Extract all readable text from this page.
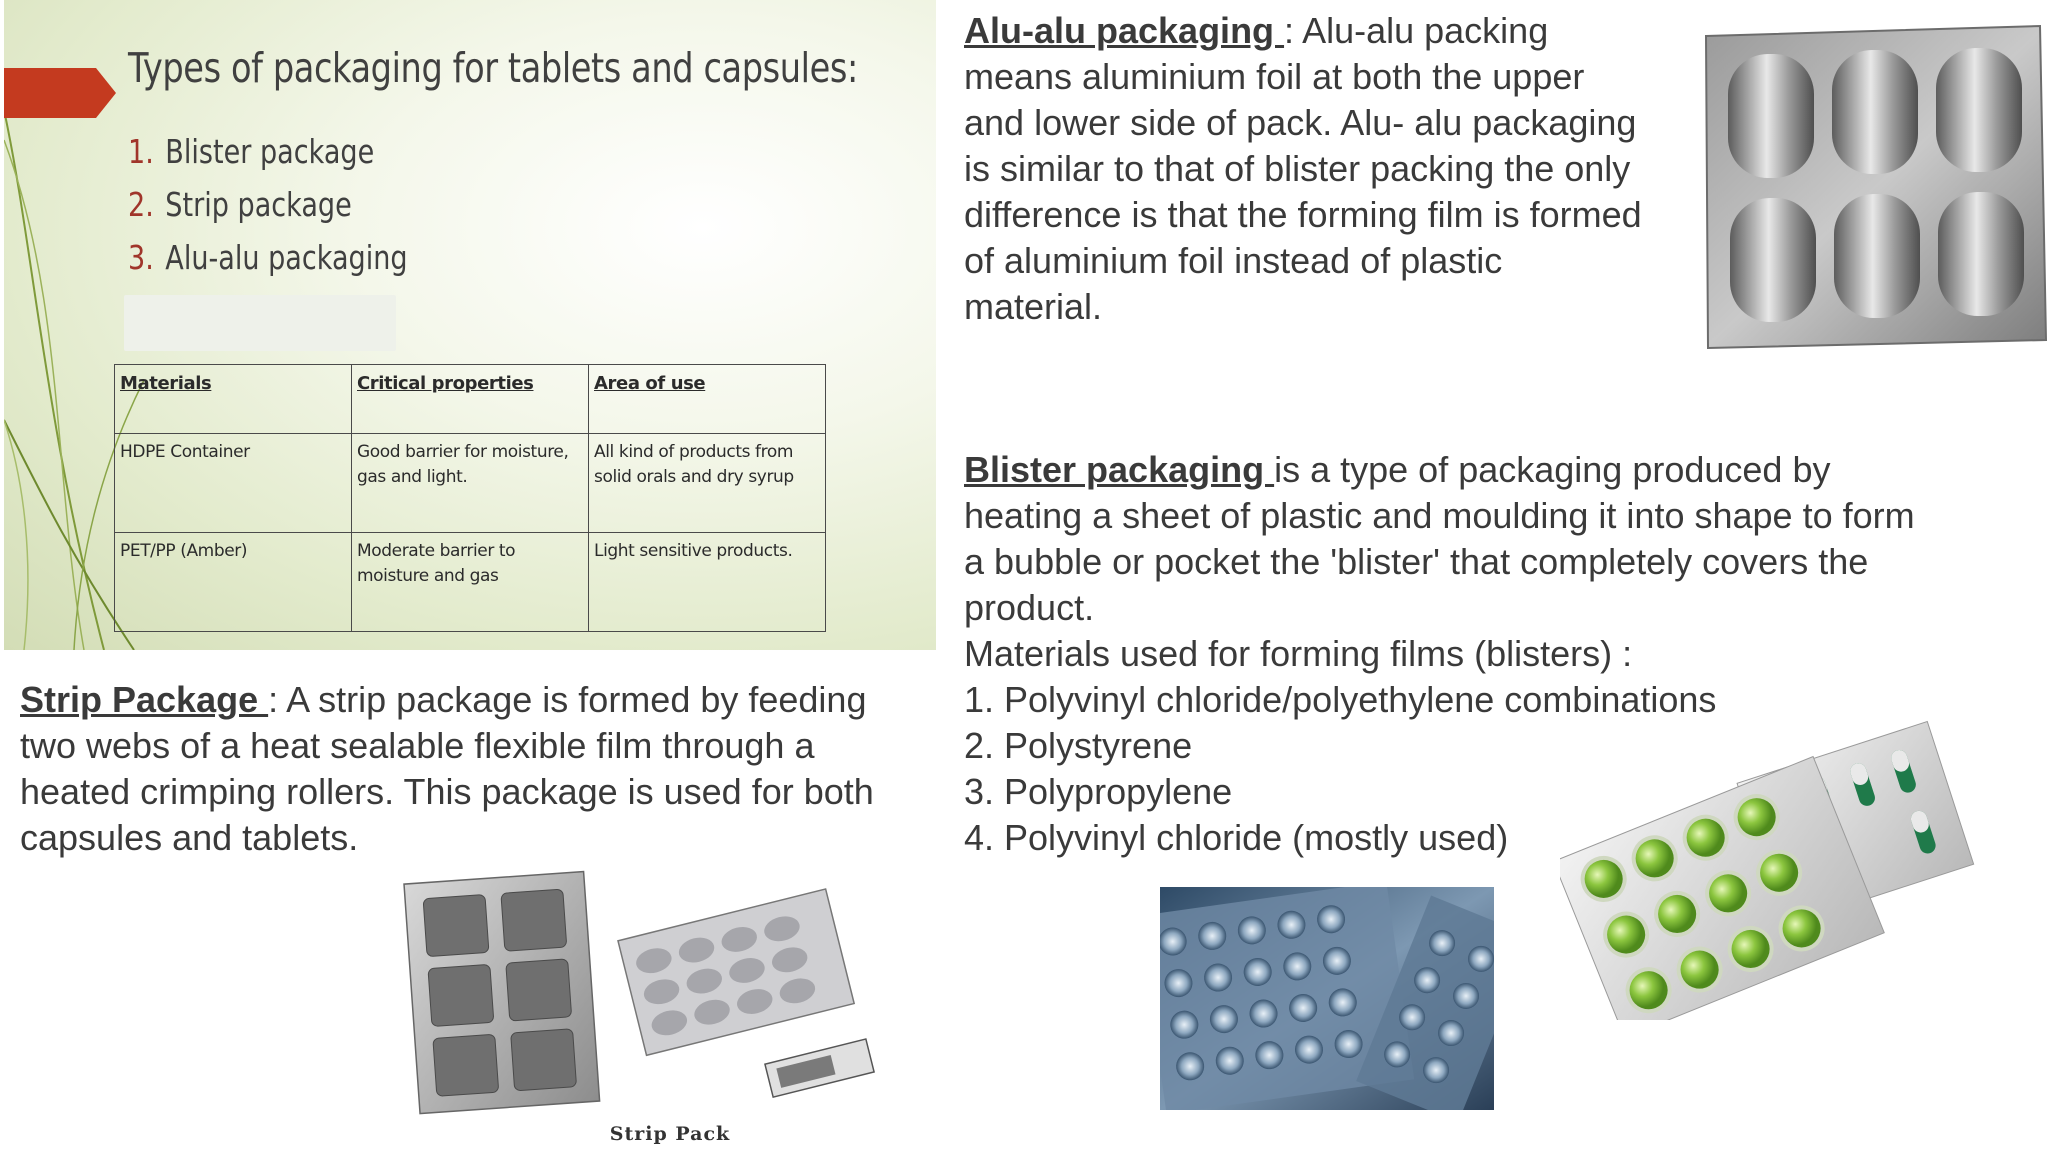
Types of packaging for tablets and capsules:
1. Blister package
2. Strip package
3. Alu-alu packaging
Materials	Critical properties	Area of use
HDPE Container	Good barrier for moisture, gas and light.	All kind of products from solid orals and dry syrup
PET/PP (Amber)	Moderate barrier to moisture and gas	Light sensitive products.
Alu-alu packaging : Alu-alu packing
means aluminium foil at both the upper
and lower side of pack. Alu- alu packaging
is similar to that of blister packing the only
difference is that the forming film is formed
of aluminium foil instead of plastic
material.
Blister packaging is a type of packaging produced by
heating a sheet of plastic and moulding it into shape to form
a bubble or pocket the 'blister' that completely covers the
product.
Materials used for forming films (blisters) :
1. Polyvinyl chloride/polyethylene combinations
2. Polystyrene
3. Polypropylene
4. Polyvinyl chloride (mostly used)
Strip Package : A strip package is formed by feeding
two webs of a heat sealable flexible film through a
heated crimping rollers. This package is used for both
capsules and tablets.
Strip Pack
